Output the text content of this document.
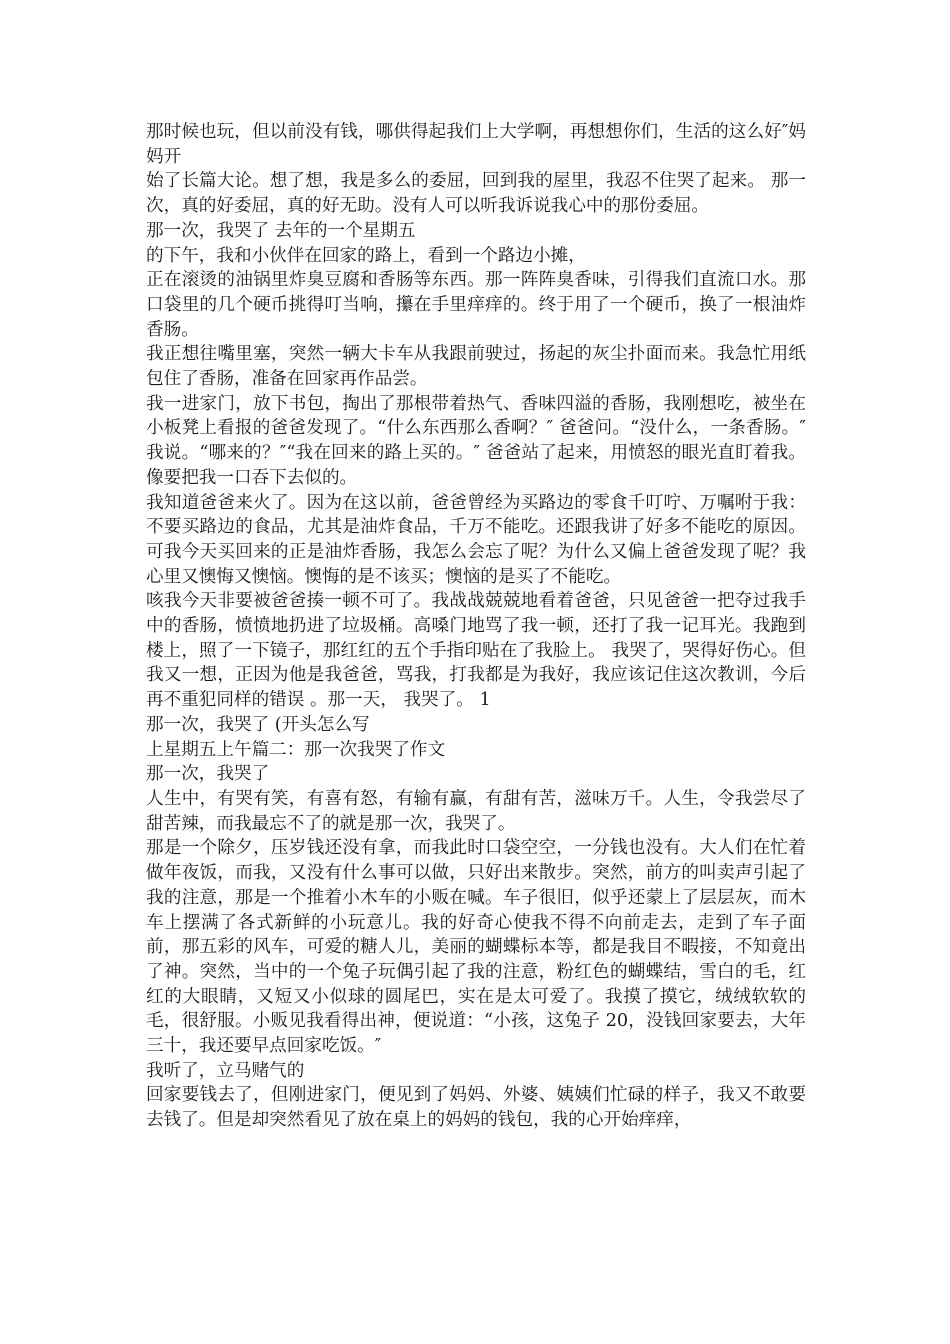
那时候也玩，但以前没有钱，哪供得起我们上大学啊，再想想你们，生活的这么好″妈妈开

始了长篇大论。想了想，我是多么的委屈，回到我的屋里，我忍不住哭了起来。 那一次，真的好委屈，真的好无助。没有人可以听我诉说我心中的那份委屈。

那一次，我哭了 去年的一个星期五

的下午，我和小伙伴在回家的路上，看到一个路边小摊，

正在滚烫的油锅里炸臭豆腐和香肠等东西。那一阵阵臭香味，引得我们直流口水。那口袋里的几个硬币挑得叮当响，攥在手里痒痒的。终于用了一个硬币，换了一根油炸香肠。

我正想往嘴里塞，突然一辆大卡车从我跟前驶过，扬起的灰尘扑面而来。我急忙用纸包住了香肠，准备在回家再作品尝。

我一进家门，放下书包，掏出了那根带着热气、香味四溢的香肠，我刚想吃，被坐在小板凳上看报的爸爸发现了。“什么东西那么香啊？″ 爸爸问。“没什么，一条香肠。″ 我说。“哪来的？″“我在回来的路上买的。″ 爸爸站了起来，用愤怒的眼光直盯着我。像要把我一口吞下去似的。

我知道爸爸来火了。因为在这以前，爸爸曾经为买路边的零食千叮咛、万嘱咐于我：不要买路边的食品，尤其是油炸食品，千万不能吃。还跟我讲了好多不能吃的原因。可我今天买回来的正是油炸香肠，我怎么会忘了呢？为什么又偏上爸爸发现了呢？我心里又懊悔又懊恼。懊悔的是不该买；懊恼的是买了不能吃。

咳我今天非要被爸爸揍一顿不可了。我战战兢兢地看着爸爸，只见爸爸一把夺过我手中的香肠，愤愤地扔进了垃圾桶。高嗓门地骂了我一顿，还打了我一记耳光。我跑到楼上，照了一下镜子，那红红的五个手指印贴在了我脸上。 我哭了，哭得好伤心。但我又一想，正因为他是我爸爸，骂我，打我都是为我好，我应该记住这次教训，今后再不重犯同样的错误 。那一天， 我哭了。 1

那一次，我哭了 (开头怎么写

上星期五上午篇二：那一次我哭了作文

那一次，我哭了

人生中，有哭有笑，有喜有怒，有输有赢，有甜有苦，滋味万千。人生，令我尝尽了甜苦辣，而我最忘不了的就是那一次，我哭了。

那是一个除夕，压岁钱还没有拿，而我此时口袋空空，一分钱也没有。大人们在忙着做年夜饭，而我，又没有什么事可以做，只好出来散步。突然，前方的叫卖声引起了我的注意，那是一个推着小木车的小贩在喊。车子很旧，似乎还蒙上了层层灰，而木车上摆满了各式新鲜的小玩意儿。我的好奇心使我不得不向前走去，走到了车子面前，那五彩的风车，可爱的糖人儿，美丽的蝴蝶标本等，都是我目不暇接，不知竟出了神。突然，当中的一个兔子玩偶引起了我的注意，粉红色的蝴蝶结，雪白的毛，红红的大眼睛，又短又小似球的圆尾巴，实在是太可爱了。我摸了摸它，绒绒软软的毛，很舒服。小贩见我看得出神，便说道：“小孩，这兔子 20，没钱回家要去，大年三十，我还要早点回家吃饭。″

我听了，立马赌气的

回家要钱去了，但刚进家门，便见到了妈妈、外婆、姨姨们忙碌的样子，我又不敢要去钱了。但是却突然看见了放在桌上的妈妈的钱包，我的心开始痒痒，
